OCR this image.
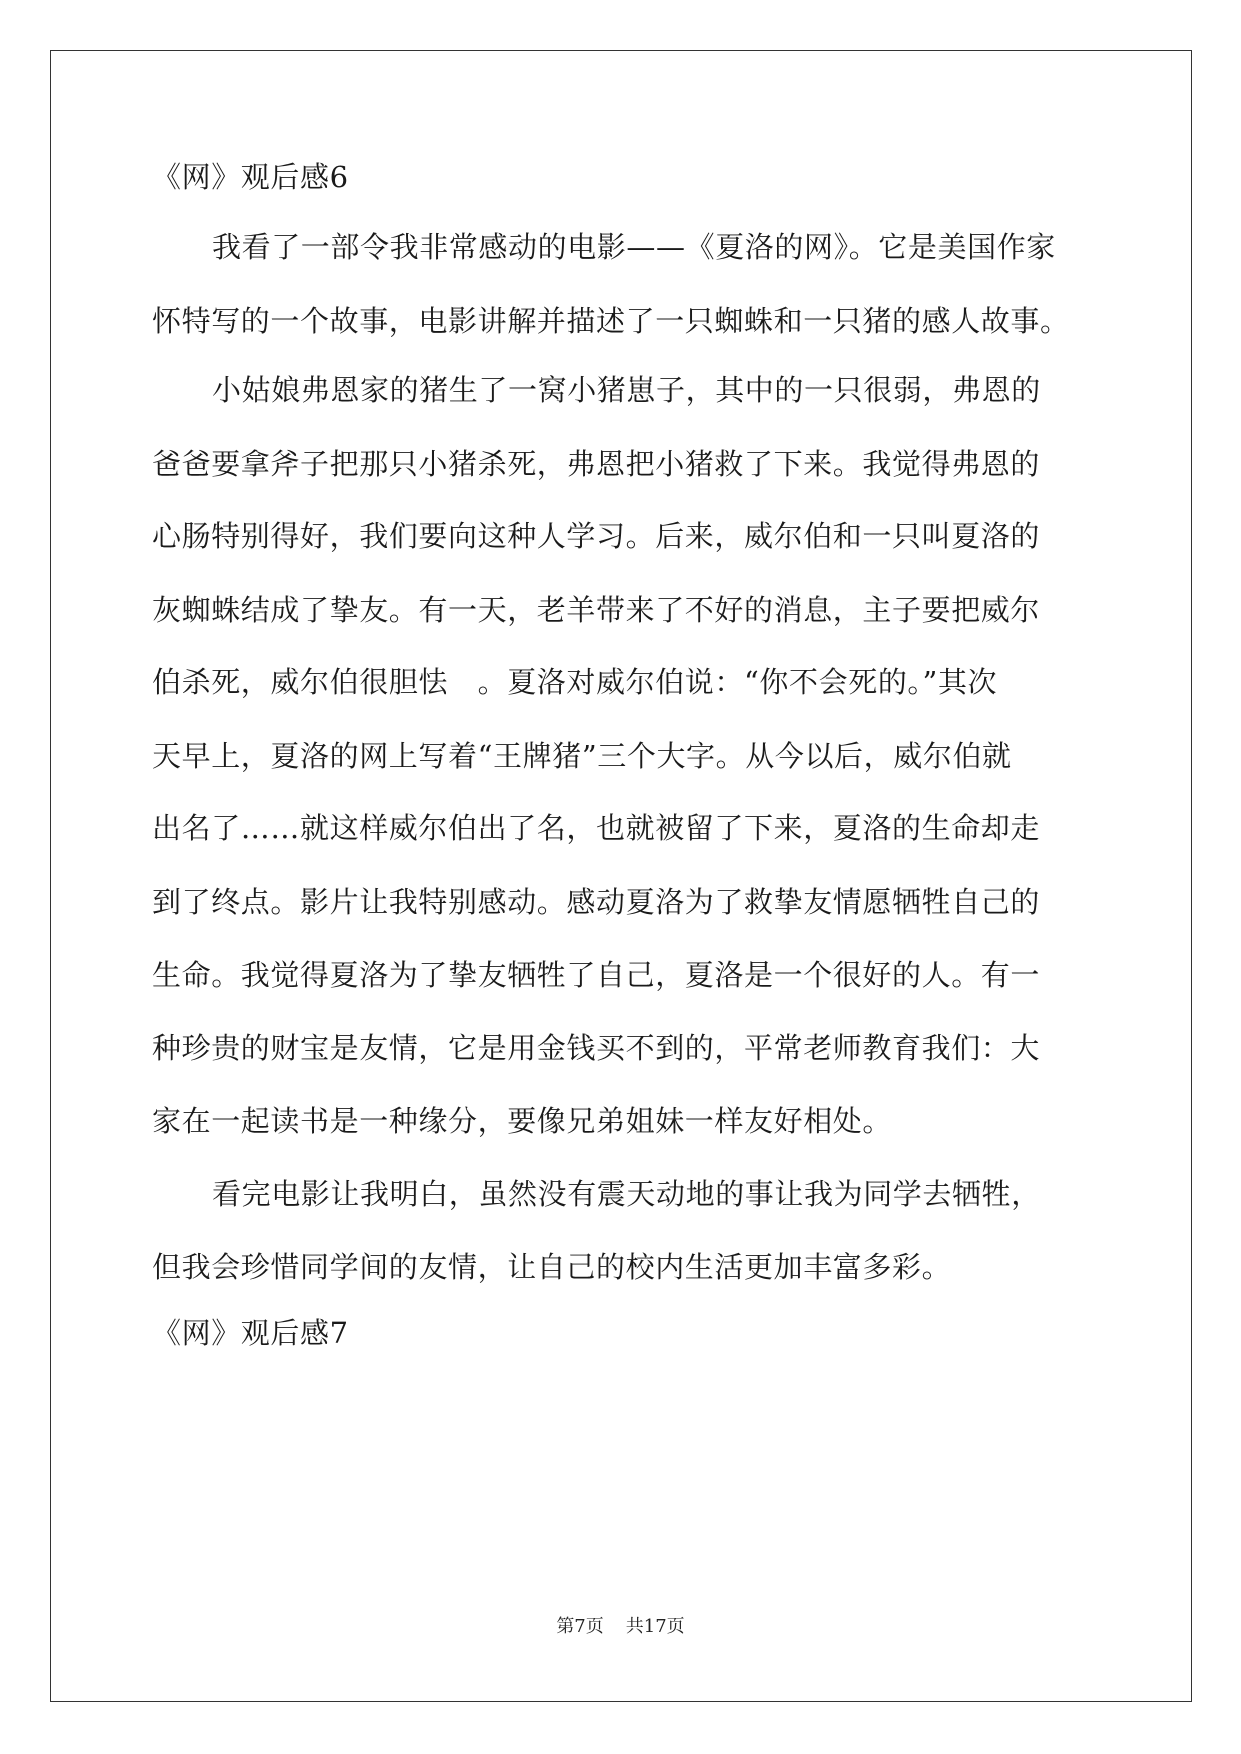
《网》观后感6
我看了一部令我非常感动的电影——《夏洛的网》。它是美国作家
怀特写的一个故事，电影讲解并描述了一只蜘蛛和一只猪的感人故事。
小姑娘弗恩家的猪生了一窝小猪崽子，其中的一只很弱，弗恩的
爸爸要拿斧子把那只小猪杀死，弗恩把小猪救了下来。我觉得弗恩的
心肠特别得好，我们要向这种人学习。后来，威尔伯和一只叫夏洛的
灰蜘蛛结成了挚友。有一天，老羊带来了不好的消息，主子要把威尔
伯杀死，威尔伯很胆怯　。夏洛对威尔伯说：“你不会死的。”其次
天早上，夏洛的网上写着“王牌猪”三个大字。从今以后，威尔伯就
出名了……就这样威尔伯出了名，也就被留了下来，夏洛的生命却走
到了终点。影片让我特别感动。感动夏洛为了救挚友情愿牺牲自己的
生命。我觉得夏洛为了挚友牺牲了自己，夏洛是一个很好的人。有一
种珍贵的财宝是友情，它是用金钱买不到的，平常老师教育我们：大
家在一起读书是一种缘分，要像兄弟姐妹一样友好相处。
看完电影让我明白，虽然没有震天动地的事让我为同学去牺牲，
但我会珍惜同学间的友情，让自己的校内生活更加丰富多彩。
《网》观后感7
第7页 共17页
